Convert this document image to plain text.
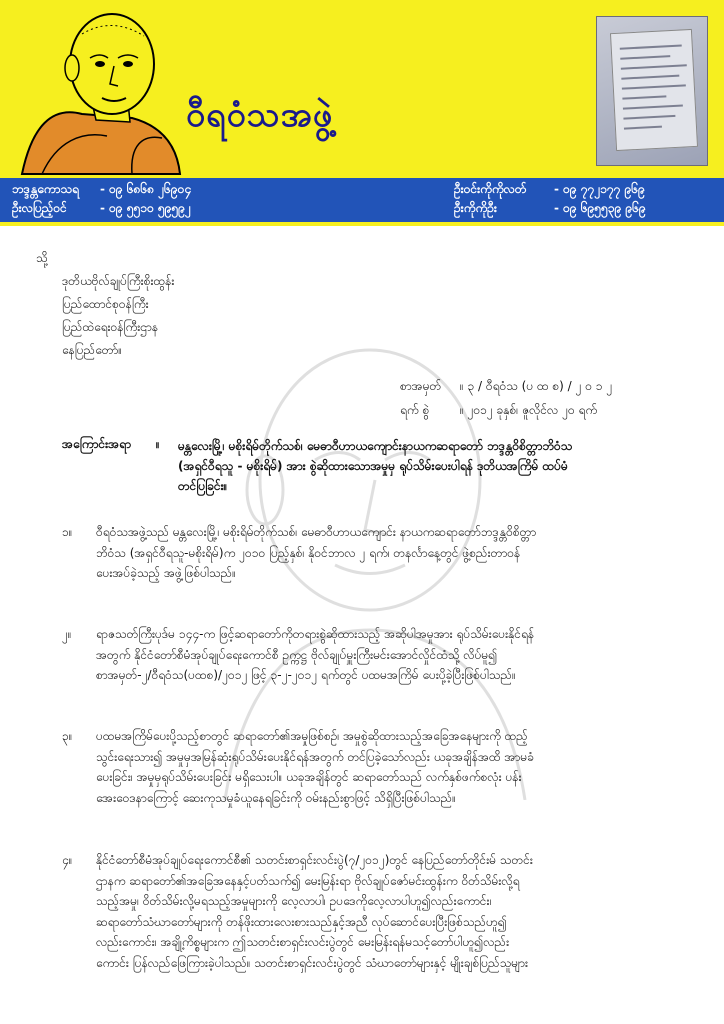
ဝီရဝံသအဖွဲ့
ဘဒ္ဒန္တကောသရ - ၀၉ ၆၈၆၈ ၂၆၉၀၄	ဦးဝင်းကိုကိုလတ် - ၀၉ ၇၇၂၁၇၇ ၉၆၉
ဦးလပြည့်ဝင်	- ၀၉ ၅၅၁၀ ၅၉၅၉၂	ဦးကိုကိုဦး	- ၀၉ ၆၉၅၅၃၉ ၉၆၉
သို့
ဒုတိယဗိုလ်ချုပ်ကြီးစိုးထွန်း
ပြည်ထောင်စုဝန်ကြီး
ပြည်ထဲရေးဝန်ကြီးဌာန
နေပြည်တော်။
စာအမှတ် ။ ၃ / ဝီရဝံသ (ပ ထ စ) / ၂ ၀ ၁ ၂
ရက် စွဲ	။ ၂၀၁၂ ခုနှစ်၊ ဇူလိုင်လ ၂၀ ရက်
အကြောင်းအရာ ။ မန္တလေးမြို့၊ မစိုးရိမ်တိုက်သစ်၊ မေဓာဝီဟာယကျောင်းနာယကဆရာတော် ဘဒ္ဒန္တဝိစိတ္တာဘိဝံသ
(အရှင်ဝီရသူ - မစိုးရိမ်) အား စွဲဆိုထားသောအမှုမှ ရုပ်သိမ်းပေးပါရန် ဒုတိယအကြိမ် ထပ်မံ
တင်ပြခြင်း။
၁။ ဝီရဝံသအဖွဲ့သည် မန္တလေးမြို့၊ မစိုးရိမ်တိုက်သစ်၊ မေဓာဝီဟာယကျောင်း နာယကဆရာတော်ဘဒ္ဒန္တဝိစိတ္တာ
ဘိဝံသ (အရှင်ဝီရသူ-မစိုးရိမ်)က ၂၀၁၀ ပြည့်နှစ်၊ နိုဝင်ဘာလ ၂ ရက်၊ တနင်္လာနေ့တွင် ဖွဲ့စည်းတာဝန်
ပေးအပ်ခဲ့သည့် အဖွဲ့ဖြစ်ပါသည်။
၂။ ရာဇသတ်ကြီးပုဒ်မ ၁၄၄-က ဖြင့်ဆရာတော်ကိုတရားစွဲဆိုထားသည့် အဆိုပါအမှုအား ရုပ်သိမ်းပေးနိုင်ရန်
အတွက် နိုင်ငံတော်စီမံအုပ်ချုပ်ရေးကောင်စီ ဥက္ကဋ္ဌ ဗိုလ်ချုပ်မှူးကြီးမင်းအောင်လှိုင်ထံသို့ လိပ်မူ၍
စာအမှတ်-၂/ဝီရဝံသ(ပထစ)/၂၀၁၂ ဖြင့် ၃-၂-၂၀၁၂ ရက်တွင် ပထမအကြိမ် ပေးပို့ခဲ့ပြီးဖြစ်ပါသည်။
၃။ ပထမအကြိမ်ပေးပို့သည့်စာတွင် ဆရာတော်၏အမှုဖြစ်စဉ်၊ အမှုစွဲဆိုထားသည့်အခြေအနေများကို ထည့်
သွင်းရေးသား၍ အမှုမှအမြန်ဆုံးရုပ်သိမ်းပေးနိုင်ရန်အတွက် တင်ပြခဲ့သော်လည်း ယခုအချိန်အထိ အာမခံ
ပေးခြင်း၊ အမှုမှရုပ်သိမ်းပေးခြင်း မရှိသေးပါ။ ယခုအချိန်တွင် ဆရာတော်သည် လက်နှစ်ဖက်စလုံး ပန်း
အေးဝေဒနာကြောင့် ဆေးကုသမှုခံယူနေရခြင်းကို ဝမ်းနည်းစွာဖြင့် သိရှိပြီးဖြစ်ပါသည်။
၄။ နိုင်ငံတော်စီမံအုပ်ချုပ်ရေးကောင်စီ၏ သတင်းစာရှင်းလင်းပွဲ(၇/၂၀၁၂)တွင် နေပြည်တော်တိုင်းမ် သတင်း
ဌာနက ဆရာတော်၏အခြေအနေနှင့်ပတ်သက်၍ မေးမြန်းရာ ဗိုလ်ချုပ်ဇော်မင်းထွန်းက ဝိတ်သိမ်းလို့ရ
သည့်အမှု၊ ဝိတ်သိမ်းလို့မရသည့်အမှုများကို လေ့လာပါ၊ ဥပဒေကိုလေ့လာပါဟူ၍လည်းကောင်း၊
ဆရာတော်သံဃာတော်များကို တန်ဖိုးထားလေးစားသည်နှင့်အညီ လုပ်ဆောင်ပေးပြီးဖြစ်သည်ဟူ၍
လည်းကောင်း၊ အချို့ကိစ္စများက ဤသတင်းစာရှင်းလင်းပွဲတွင် မေးမြန်းရန်မသင့်တော်ပါဟူ၍လည်း
ကောင်း ပြန်လည်ဖြေကြားခဲ့ပါသည်။ သတင်းစာရှင်းလင်းပွဲတွင် သံဃာတော်များနှင့် မျိုးချစ်ပြည်သူများ
